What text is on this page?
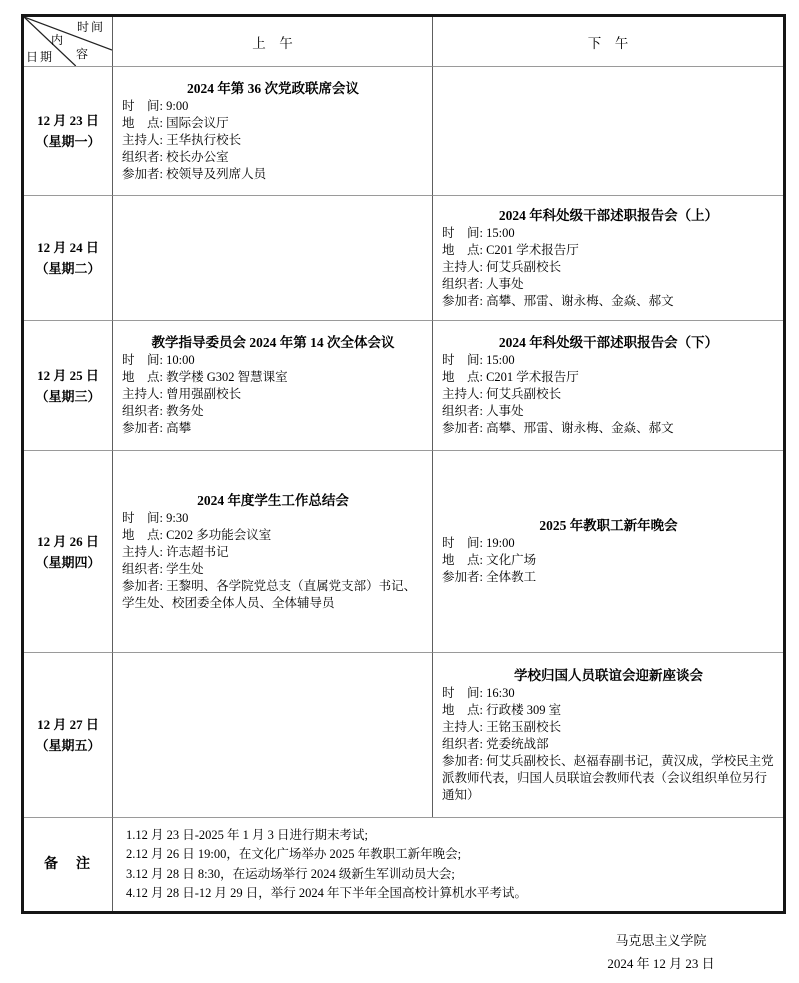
时间
内
容
日期
上　午	下　午
12 月 23 日
（星期一）
2024 年第 36 次党政联席会议
时　间: 9:00
地　点: 国际会议厅
主持人: 王华执行校长
组织者: 校长办公室
参加者: 校领导及列席人员
12 月 24 日
（星期二）
2024 年科处级干部述职报告会（上）
时　间: 15:00
地　点: C201 学术报告厅
主持人: 何艾兵副校长
组织者: 人事处
参加者: 高攀、邢雷、谢永梅、金焱、郝文
12 月 25 日
（星期三）
教学指导委员会 2024 年第 14 次全体会议
时　间: 10:00
地　点: 教学楼 G302 智慧课室
主持人: 曾用强副校长
组织者: 教务处
参加者: 高攀
2024 年科处级干部述职报告会（下）
时　间: 15:00
地　点: C201 学术报告厅
主持人: 何艾兵副校长
组织者: 人事处
参加者: 高攀、邢雷、谢永梅、金焱、郝文
12 月 26 日
（星期四）
2024 年度学生工作总结会
时　间: 9:30
地　点: C202 多功能会议室
主持人: 许志超书记
组织者: 学生处
参加者: 王黎明、各学院党总支（直属党支部）书记、学生处、校团委全体人员、全体辅导员
2025 年教职工新年晚会
时　间: 19:00
地　点: 文化广场
参加者: 全体教工
12 月 27 日
（星期五）
学校归国人员联谊会迎新座谈会
时　间: 16:30
地　点: 行政楼 309 室
主持人: 王铭玉副校长
组织者: 党委统战部
参加者: 何艾兵副校长、赵福春副书记，黄汉成，学校民主党派教师代表，归国人员联谊会教师代表（会议组织单位另行通知）
备　注
1.12 月 23 日-2025 年 1 月 3 日进行期末考试;
2.12 月 26 日 19:00，在文化广场举办 2025 年教职工新年晚会;
3.12 月 28 日 8:30，在运动场举行 2024 级新生军训动员大会;
4.12 月 28 日-12 月 29 日，举行 2024 年下半年全国高校计算机水平考试。
马克思主义学院
2024 年 12 月 23 日
